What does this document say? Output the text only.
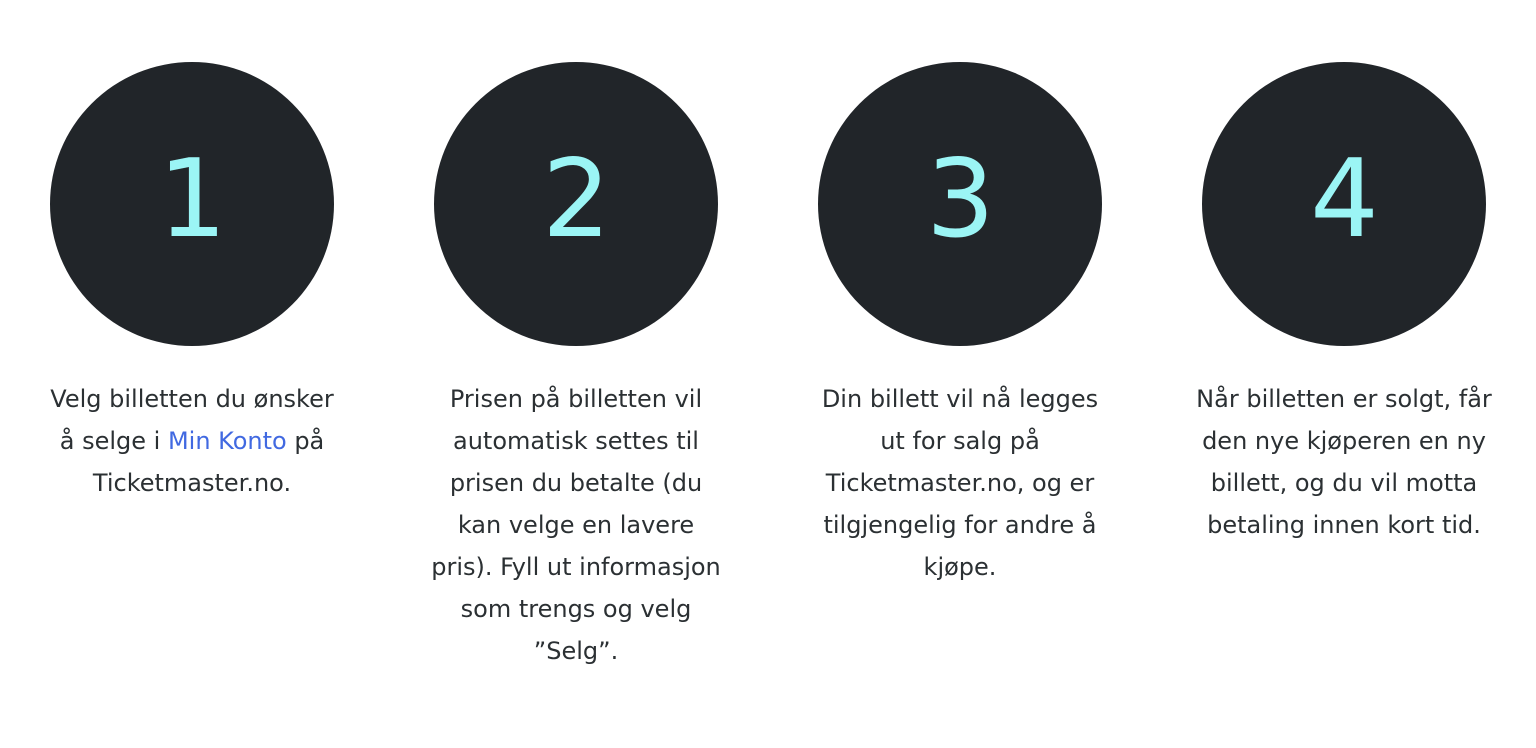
1
Velg billetten du ønsker å selge i Min Konto på Ticketmaster.no.
2
Prisen på billetten vil automatisk settes til prisen du betalte (du kan velge en lavere pris). Fyll ut informasjon som trengs og velg ”Selg”.
3
Din billett vil nå legges ut for salg på Ticketmaster.no, og er tilgjengelig for andre å kjøpe.
4
Når billetten er solgt, får den nye kjøperen en ny billett, og du vil motta betaling innen kort tid.
